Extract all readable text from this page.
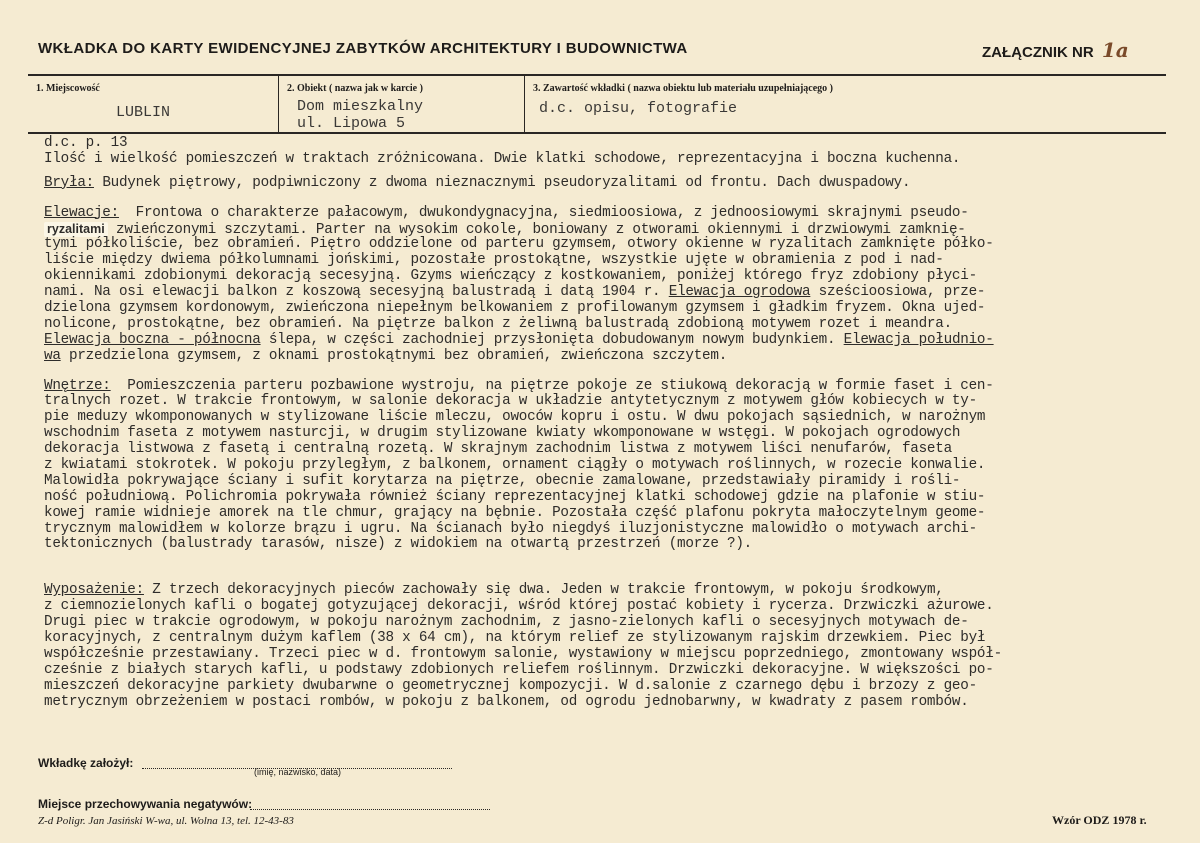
WKŁADKA DO KARTY EWIDENCYJNEJ ZABYTKÓW ARCHITEKTURY I BUDOWNICTWA	ZAŁĄCZNIK NR 1a
1. Miejscowość
LUBLIN
2. Obiekt ( nazwa jak w karcie )
Dom mieszkalny
ul. Lipowa 5
3. Zawartość wkładki ( nazwa obiektu lub materiału uzupełniającego )
d.c. opisu, fotografie
d.c. p. 13
Ilość i wielkość pomieszczeń w traktach zróżnicowana. Dwie klatki schodowe, reprezentacyjna i boczna kuchenna.
Bryła: Budynek piętrowy, podpiwniczony z dwoma nieznacznymi pseudoryzalitami od frontu. Dach dwuspadowy.
Elewacje:  Frontowa o charakterze pałacowym, dwukondygnacyjna, siedmioosiowa, z jednoosiowymi skrajnymi pseudo-
ryzalitami zwieńczonymi szczytami. Parter na wysokim cokole, boniowany z otworami okiennymi i drzwiowymi zamknię-
tymi półkoliście, bez obramień. Piętro oddzielone od parteru gzymsem, otwory okienne w ryzalitach zamknięte półko-
liście między dwiema półkolumnami jońskimi, pozostałe prostokątne, wszystkie ujęte w obramienia z pod i nad-
okiennikami zdobionymi dekoracją secesyjną. Gzyms wieńczący z kostkowaniem, poniżej którego fryz zdobiony płyci-
nami. Na osi elewacji balkon z koszową secesyjną balustradą i datą 1904 r. Elewacja ogrodowa sześcioosiowa, prze-
dzielona gzymsem kordonowym, zwieńczona niepełnym belkowaniem z profilowanym gzymsem i gładkim fryzem. Okna ujed-
nolicone, prostokątne, bez obramień. Na piętrze balkon z żeliwną balustradą zdobioną motywem rozet i meandra.
Elewacja boczna - północna ślepa, w części zachodniej przysłonięta dobudowanym nowym budynkiem. Elewacja południo-
wa przedzielona gzymsem, z oknami prostokątnymi bez obramień, zwieńczona szczytem.
Wnętrze:  Pomieszczenia parteru pozbawione wystroju, na piętrze pokoje ze stiukową dekoracją w formie faset i cen-
tralnych rozet. W trakcie frontowym, w salonie dekoracja w układzie antytetycznym z motywem głów kobiecych w ty-
pie meduzy wkomponowanych w stylizowane liście mleczu, owoców kopru i ostu. W dwu pokojach sąsiednich, w narożnym
wschodnim faseta z motywem nasturcji, w drugim stylizowane kwiaty wkomponowane w wstęgi. W pokojach ogrodowych
dekoracja listwowa z fasetą i centralną rozetą. W skrajnym zachodnim listwa z motywem liści nenufarów, faseta
z kwiatami stokrotek. W pokoju przyległym, z balkonem, ornament ciągły o motywach roślinnych, w rozecie konwalie.
Malowidła pokrywające ściany i sufit korytarza na piętrze, obecnie zamalowane, przedstawiały piramidy i rośli-
ność południową. Polichromia pokrywała również ściany reprezentacyjnej klatki schodowej gdzie na plafonie w stiu-
kowej ramie widnieje amorek na tle chmur, grający na bębnie. Pozostała część plafonu pokryta małoczytelnym geome-
trycznym malowidłem w kolorze brązu i ugru. Na ścianach było niegdyś iluzjonistyczne malowidło o motywach archi-
tektonicznych (balustrady tarasów, nisze) z widokiem na otwartą przestrzeń (morze ?).
Wyposażenie: Z trzech dekoracyjnych pieców zachowały się dwa. Jeden w trakcie frontowym, w pokoju środkowym,
z ciemnozielonych kafli o bogatej gotyzującej dekoracji, wśród której postać kobiety i rycerza. Drzwiczki ażurowe.
Drugi piec w trakcie ogrodowym, w pokoju narożnym zachodnim, z jasno-zielonych kafli o secesyjnych motywach de-
koracyjnych, z centralnym dużym kaflem (38 x 64 cm), na którym relief ze stylizowanym rajskim drzewkiem. Piec był
współcześnie przestawiany. Trzeci piec w d. frontowym salonie, wystawiony w miejscu poprzedniego, zmontowany współ-
cześnie z białych starych kafli, u podstawy zdobionych reliefem roślinnym. Drzwiczki dekoracyjne. W większości po-
mieszczeń dekoracyjne parkiety dwubarwne o geometrycznej kompozycji. W d.salonie z czarnego dębu i brzozy z geo-
metrycznym obrzeżeniem w postaci rombów, w pokoju z balkonem, od ogrodu jednobarwny, w kwadraty z pasem rombów.
Wkładkę założył:
(imię, nazwisko, data)
Miejsce przechowywania negatywów:
Z-d Poligr. Jan Jasiński W-wa, ul. Wolna 13, tel. 12-43-83	Wzór ODZ 1978 r.
